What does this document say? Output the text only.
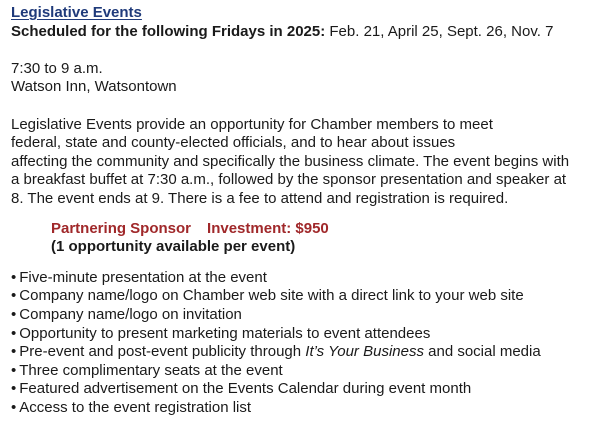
Legislative Events

Scheduled for the following Fridays in 2025: Feb. 21, April 25, Sept. 26, Nov. 7

7:30 to 9 a.m.

Watson Inn, Watsontown

Legislative Events provide an opportunity for Chamber members to meet

federal, state and county-elected officials, and to hear about issues

affecting the community and specifically the business climate. The event begins with

a breakfast buffet at 7:30 a.m., followed by the sponsor presentation and speaker at

8. The event ends at 9. There is a fee to attend and registration is required.

Partnering Sponsor Investment: $950

(1 opportunity available per event)

• Five-minute presentation at the event
• Company name/logo on Chamber web site with a direct link to your web site
• Company name/logo on invitation
• Opportunity to present marketing materials to event attendees
• Pre-event and post-event publicity through It’s Your Business and social media
• Three complimentary seats at the event
• Featured advertisement on the Events Calendar during event month
• Access to the event registration list
